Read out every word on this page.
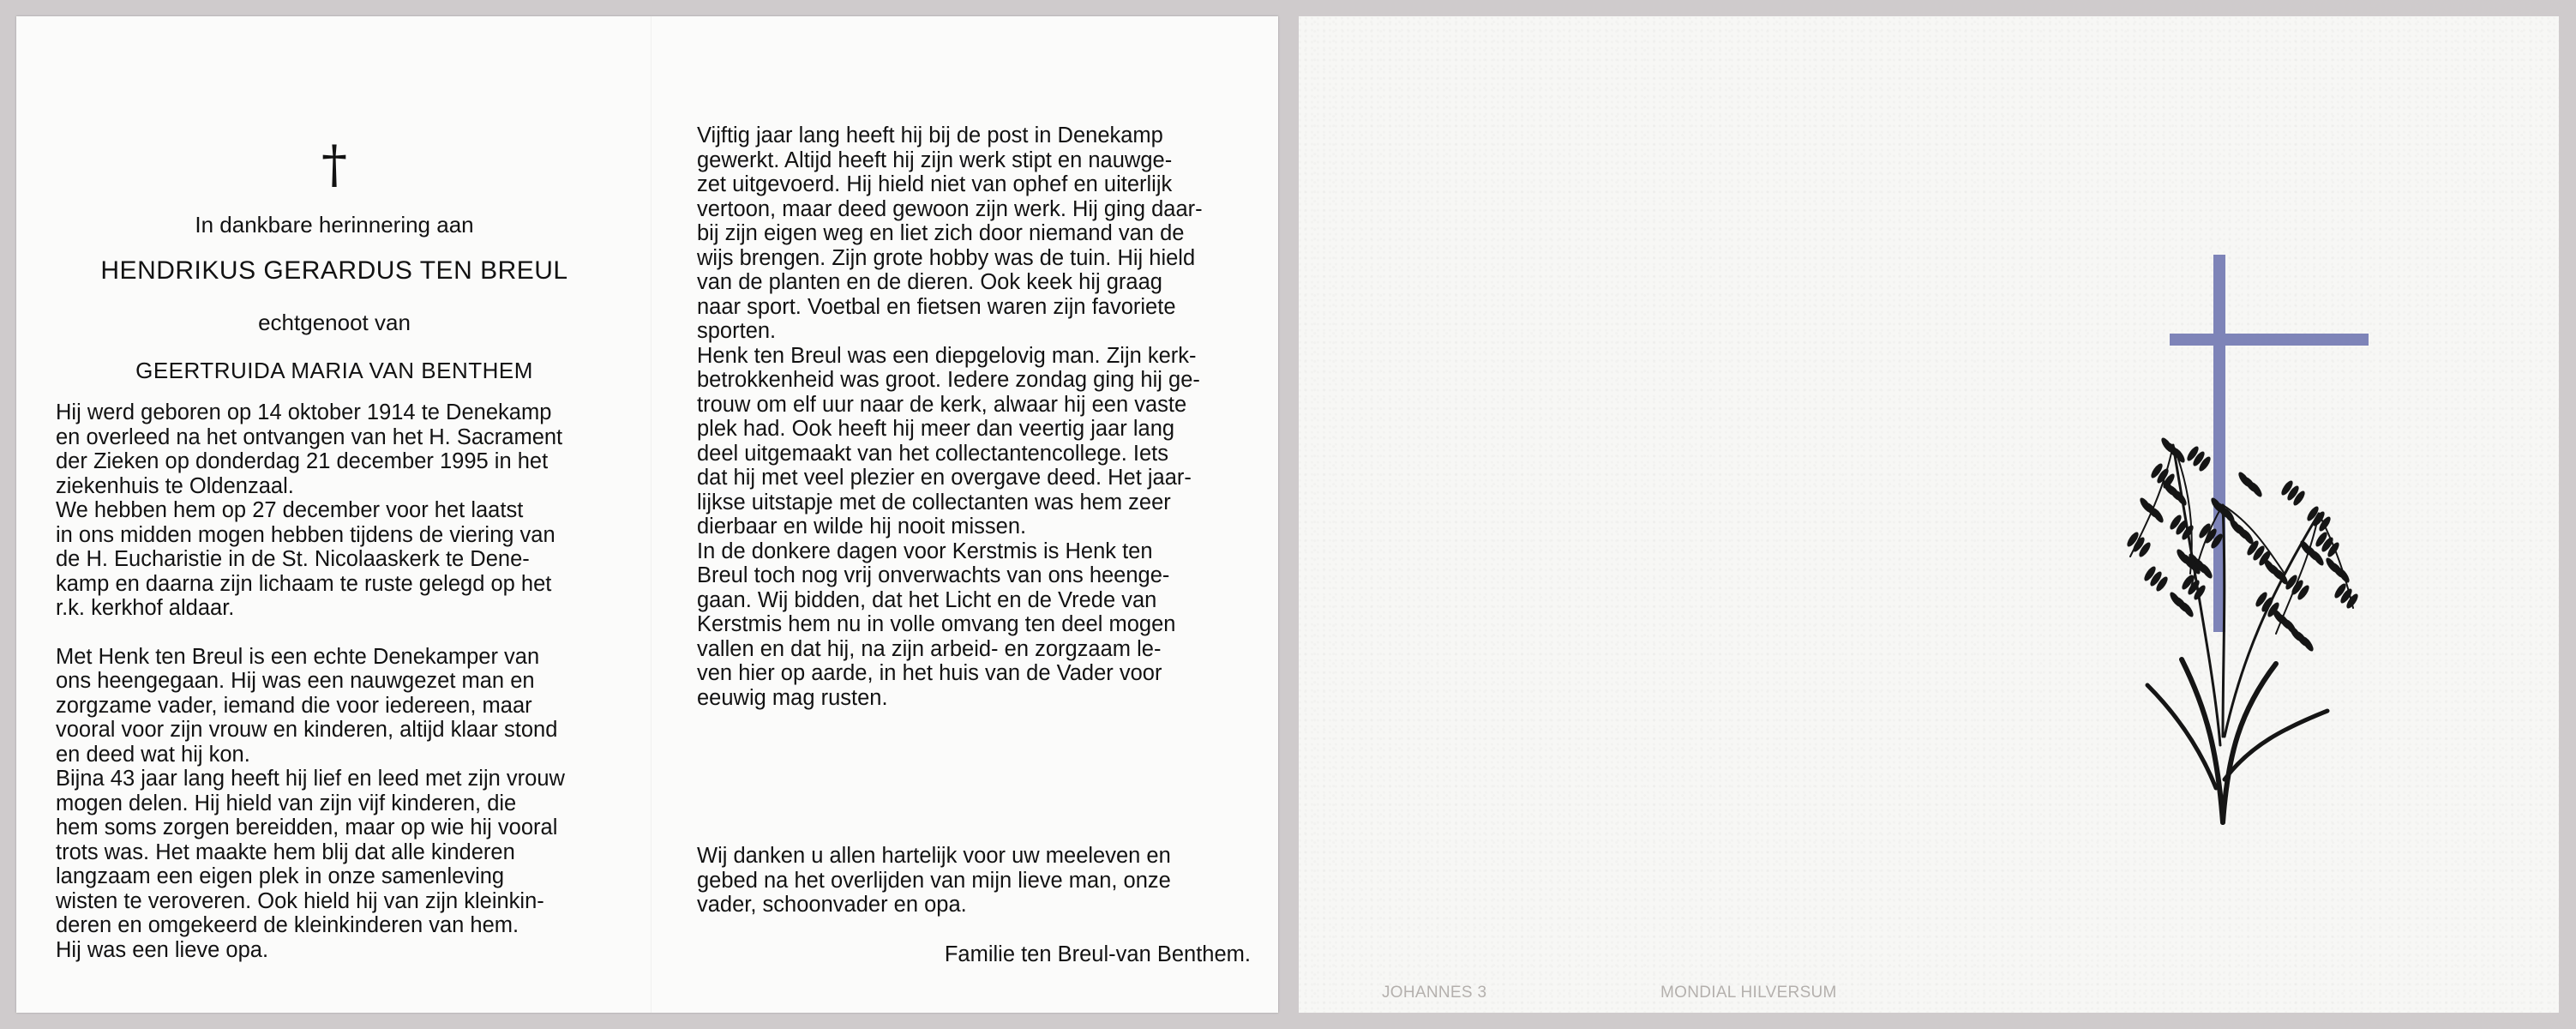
†
In dankbare herinnering aan
HENDRIKUS GERARDUS TEN BREUL
echtgenoot van
GEERTRUIDA MARIA VAN BENTHEM
Hij werd geboren op 14 oktober 1914 te Denekamp
en overleed na het ontvangen van het H. Sacrament
der Zieken op donderdag 21 december 1995 in het
ziekenhuis te Oldenzaal.
We hebben hem op 27 december voor het laatst
in ons midden mogen hebben tijdens de viering van
de H. Eucharistie in de St. Nicolaaskerk te Dene-
kamp en daarna zijn lichaam te ruste gelegd op het
r.k. kerkhof aldaar.
Met Henk ten Breul is een echte Denekamper van
ons heengegaan. Hij was een nauwgezet man en
zorgzame vader, iemand die voor iedereen, maar
vooral voor zijn vrouw en kinderen, altijd klaar stond
en deed wat hij kon.
Bijna 43 jaar lang heeft hij lief en leed met zijn vrouw
mogen delen. Hij hield van zijn vijf kinderen, die
hem soms zorgen bereidden, maar op wie hij vooral
trots was. Het maakte hem blij dat alle kinderen
langzaam een eigen plek in onze samenleving
wisten te veroveren. Ook hield hij van zijn kleinkin-
deren en omgekeerd de kleinkinderen van hem.
Hij was een lieve opa.
Vijftig jaar lang heeft hij bij de post in Denekamp
gewerkt. Altijd heeft hij zijn werk stipt en nauwge-
zet uitgevoerd. Hij hield niet van ophef en uiterlijk
vertoon, maar deed gewoon zijn werk. Hij ging daar-
bij zijn eigen weg en liet zich door niemand van de
wijs brengen. Zijn grote hobby was de tuin. Hij hield
van de planten en de dieren. Ook keek hij graag
naar sport. Voetbal en fietsen waren zijn favoriete
sporten.
Henk ten Breul was een diepgelovig man. Zijn kerk-
betrokkenheid was groot. Iedere zondag ging hij ge-
trouw om elf uur naar de kerk, alwaar hij een vaste
plek had. Ook heeft hij meer dan veertig jaar lang
deel uitgemaakt van het collectantencollege. Iets
dat hij met veel plezier en overgave deed. Het jaar-
lijkse uitstapje met de collectanten was hem zeer
dierbaar en wilde hij nooit missen.
In de donkere dagen voor Kerstmis is Henk ten
Breul toch nog vrij onverwachts van ons heenge-
gaan. Wij bidden, dat het Licht en de Vrede van
Kerstmis hem nu in volle omvang ten deel mogen
vallen en dat hij, na zijn arbeid- en zorgzaam le-
ven hier op aarde, in het huis van de Vader voor
eeuwig mag rusten.
Wij danken u allen hartelijk voor uw meeleven en
gebed na het overlijden van mijn lieve man, onze
vader, schoonvader en opa.
Familie ten Breul-van Benthem.
JOHANNES 3	MONDIAL HILVERSUM
